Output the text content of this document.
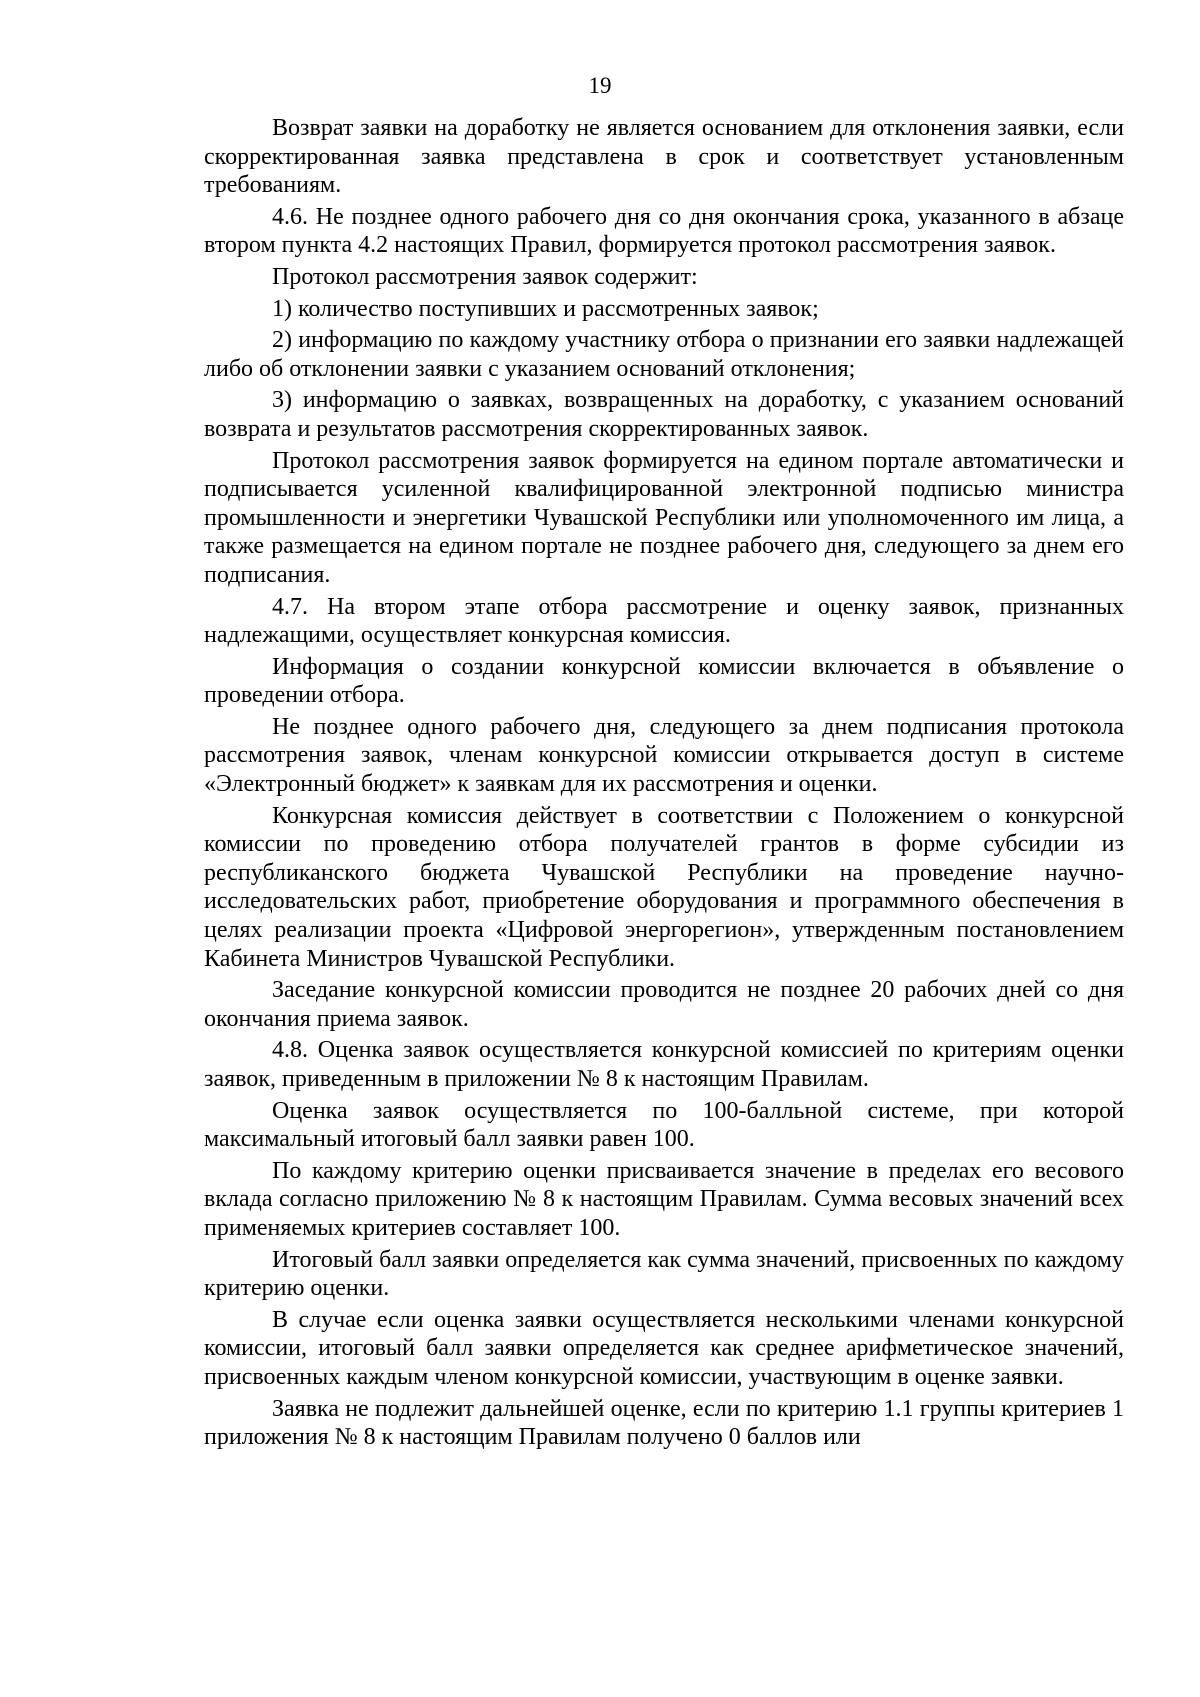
19

Возврат заявки на доработку не является основанием для отклонения заявки, если скорректированная заявка представлена в срок и соответствует установленным требованиям.

4.6. Не позднее одного рабочего дня со дня окончания срока, указанного в абзаце втором пункта 4.2 настоящих Правил, формируется протокол рассмотрения заявок.

Протокол рассмотрения заявок содержит:

1) количество поступивших и рассмотренных заявок;

2) информацию по каждому участнику отбора о признании его заявки надлежащей либо об отклонении заявки с указанием оснований отклонения;

3) информацию о заявках, возвращенных на доработку, с указанием оснований возврата и результатов рассмотрения скорректированных заявок.

Протокол рассмотрения заявок формируется на едином портале автоматически и подписывается усиленной квалифицированной электронной подписью министра промышленности и энергетики Чувашской Республики или уполномоченного им лица, а также размещается на едином портале не позднее рабочего дня, следующего за днем его подписания.

4.7. На втором этапе отбора рассмотрение и оценку заявок, признанных надлежащими, осуществляет конкурсная комиссия.

Информация о создании конкурсной комиссии включается в объявление о проведении отбора.

Не позднее одного рабочего дня, следующего за днем подписания протокола рассмотрения заявок, членам конкурсной комиссии открывается доступ в системе «Электронный бюджет» к заявкам для их рассмотрения и оценки.

Конкурсная комиссия действует в соответствии с Положением о конкурсной комиссии по проведению отбора получателей грантов в форме субсидии из республиканского бюджета Чувашской Республики на проведение научно-исследовательских работ, приобретение оборудования и программного обеспечения в целях реализации проекта «Цифровой энергорегион», утвержденным постановлением Кабинета Министров Чувашской Республики.

Заседание конкурсной комиссии проводится не позднее 20 рабочих дней со дня окончания приема заявок.

4.8. Оценка заявок осуществляется конкурсной комиссией по критериям оценки заявок, приведенным в приложении № 8 к настоящим Правилам.

Оценка заявок осуществляется по 100-балльной системе, при которой максимальный итоговый балл заявки равен 100.

По каждому критерию оценки присваивается значение в пределах его весового вклада согласно приложению № 8 к настоящим Правилам. Сумма весовых значений всех применяемых критериев составляет 100.

Итоговый балл заявки определяется как сумма значений, присвоенных по каждому критерию оценки.

В случае если оценка заявки осуществляется несколькими членами конкурсной комиссии, итоговый балл заявки определяется как среднее арифметическое значений, присвоенных каждым членом конкурсной комиссии, участвующим в оценке заявки.

Заявка не подлежит дальнейшей оценке, если по критерию 1.1 группы критериев 1 приложения № 8 к настоящим Правилам получено 0 баллов или
